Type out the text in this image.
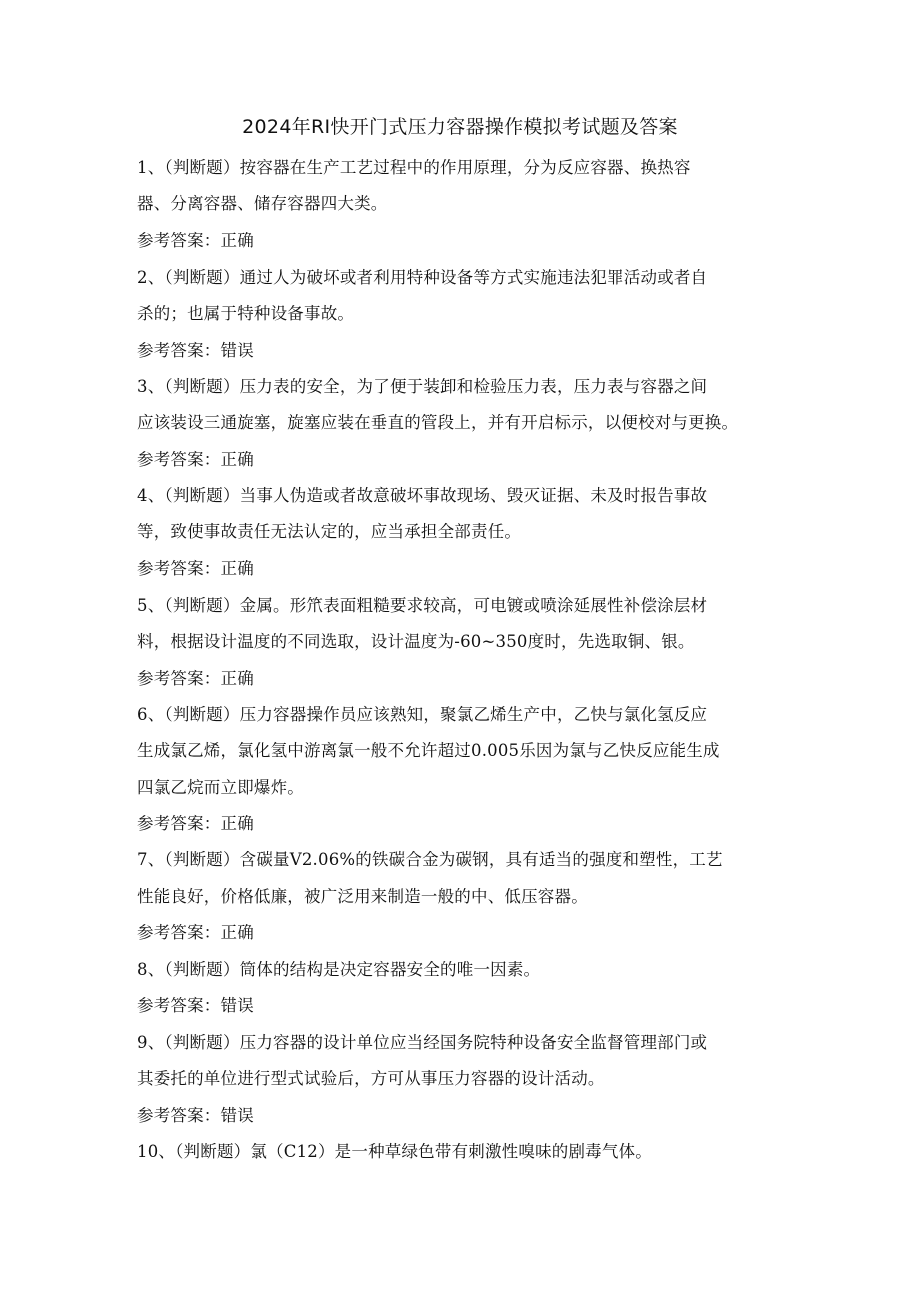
2024年RI快开门式压力容器操作模拟考试题及答案
1、（判断题）按容器在生产工艺过程中的作用原理，分为反应容器、换热容
器、分离容器、储存容器四大类。
参考答案：正确
2、（判断题）通过人为破坏或者利用特种设备等方式实施违法犯罪活动或者自
杀的；也属于特种设备事故。
参考答案：错误
3、（判断题）压力表的安全，为了便于装卸和检验压力表，压力表与容器之间
应该装设三通旋塞，旋塞应装在垂直的管段上，并有开启标示，以便校对与更换。
参考答案：正确
4、（判断题）当事人伪造或者故意破坏事故现场、毁灭证据、未及时报告事故
等，致使事故责任无法认定的，应当承担全部责任。
参考答案：正确
5、（判断题）金属。形笊表面粗糙要求较高，可电镀或喷涂延展性补偿涂层材
料，根据设计温度的不同选取，设计温度为-60~350度时，先选取铜、银。
参考答案：正确
6、（判断题）压力容器操作员应该熟知，聚氯乙烯生产中，乙快与氯化氢反应
生成氯乙烯，氯化氢中游离氯一般不允许超过0.005乐因为氯与乙快反应能生成
四氯乙烷而立即爆炸。
参考答案：正确
7、（判断题）含碳量V2.06%的铁碳合金为碳钢，具有适当的强度和塑性，工艺
性能良好，价格低廉，被广泛用来制造一般的中、低压容器。
参考答案：正确
8、（判断题）筒体的结构是决定容器安全的唯一因素。
参考答案：错误
9、（判断题）压力容器的设计单位应当经国务院特种设备安全监督管理部门或
其委托的单位进行型式试验后，方可从事压力容器的设计活动。
参考答案：错误
10、（判断题）氯（C12）是一种草绿色带有刺激性嗅味的剧毒气体。
